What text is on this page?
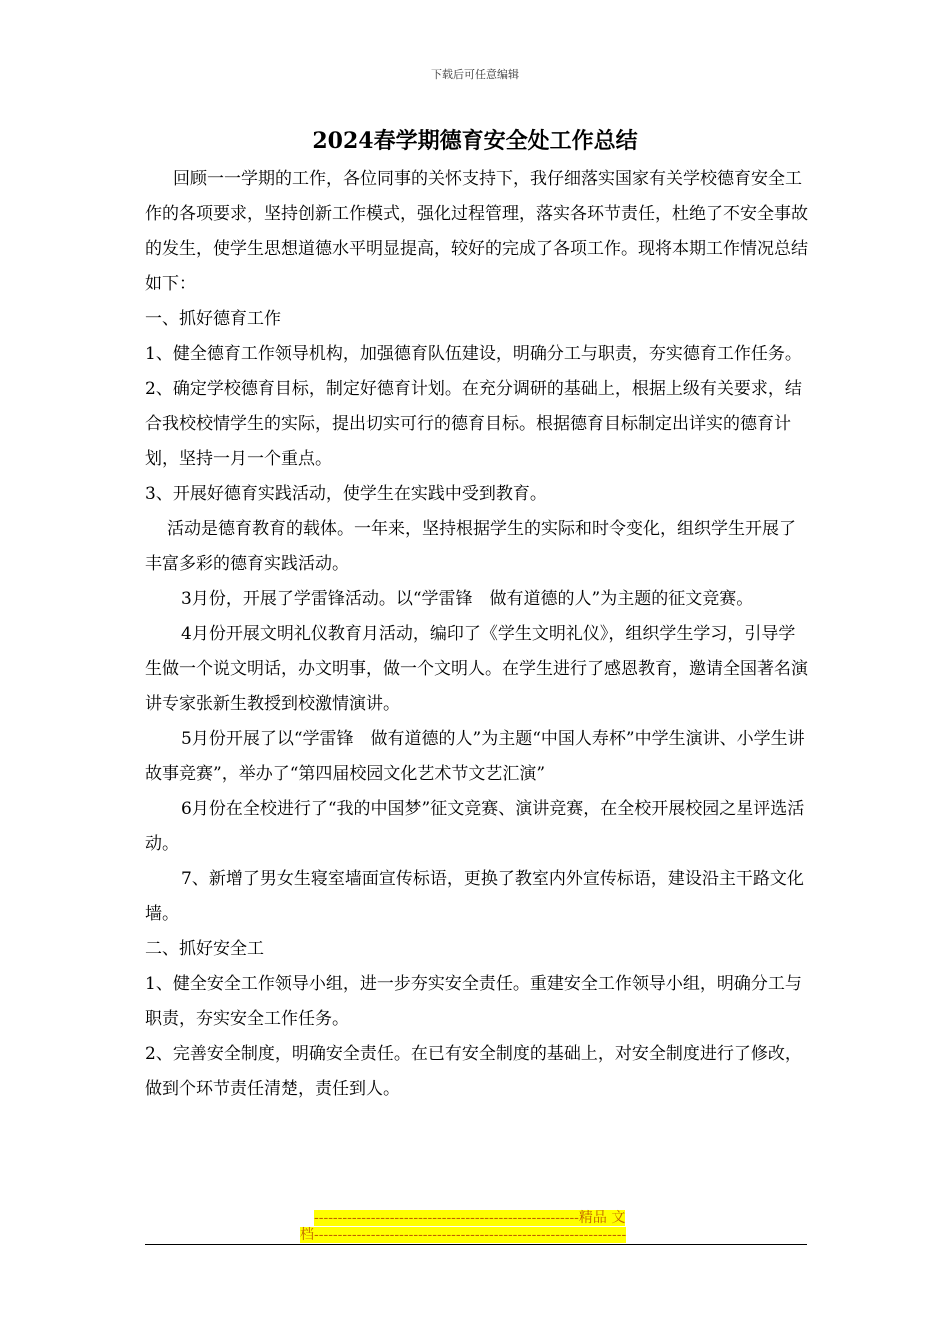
下载后可任意编辑
2024春学期德育安全处工作总结

回顾一一学期的工作，各位同事的关怀支持下，我仔细落实国家有关学校德育安全工作的各项要求，坚持创新工作模式，强化过程管理，落实各环节责任，杜绝了不安全事故的发生，使学生思想道德水平明显提高，较好的完成了各项工作。现将本期工作情况总结如下：

一、抓好德育工作

1、健全德育工作领导机构，加强德育队伍建设，明确分工与职责，夯实德育工作任务。

2、确定学校德育目标，制定好德育计划。在充分调研的基础上，根据上级有关要求，结合我校校情学生的实际，提出切实可行的德育目标。根据德育目标制定出详实的德育计划，坚持一月一个重点。

3、开展好德育实践活动，使学生在实践中受到教育。

活动是德育教育的载体。一年来，坚持根据学生的实际和时令变化，组织学生开展了丰富多彩的德育实践活动。

3月份，开展了学雷锋活动。以“学雷锋　做有道德的人”为主题的征文竞赛。

4月份开展文明礼仪教育月活动，编印了《学生文明礼仪》，组织学生学习，引导学生做一个说文明话，办文明事，做一个文明人。在学生进行了感恩教育，邀请全国著名演讲专家张新生教授到校激情演讲。

5月份开展了以“学雷锋　做有道德的人”为主题“中国人寿杯”中学生演讲、小学生讲故事竞赛”，举办了“第四届校园文化艺术节文艺汇演”

6月份在全校进行了“我的中国梦”征文竞赛、演讲竞赛，在全校开展校园之星评选活动。

7、新增了男女生寝室墙面宣传标语，更换了教室内外宣传标语，建设沿主干路文化墙。

二、抓好安全工

1、健全安全工作领导小组，进一步夯实安全责任。重建安全工作领导小组，明确分工与职责，夯实安全工作任务。

2、完善安全制度，明确安全责任。在已有安全制度的基础上，对安全制度进行了修改，做到个环节责任清楚，责任到人。

--------------------------------------------------------精品 文
档------------------------------------------------------------------
